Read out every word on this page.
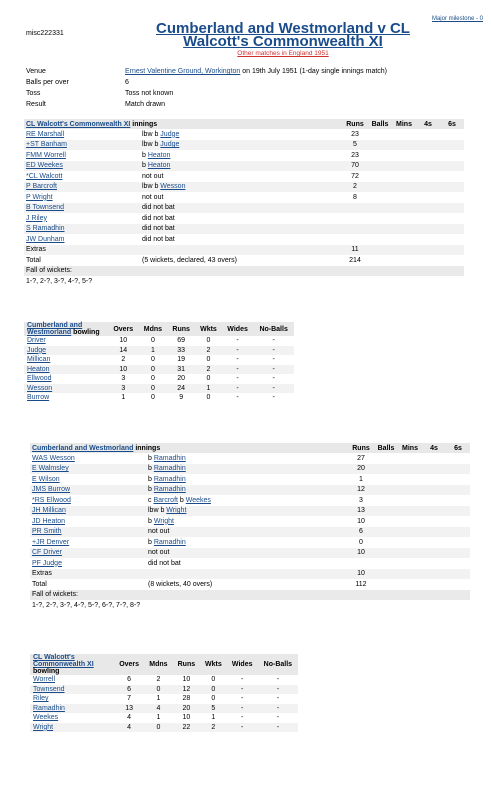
Major milestone - 0
misc222331	Cumberland and Westmorland v CL
Walcott's Commonwealth XI
Other matches in England 1951
Venue	Ernest Valentine Ground, Workington on 19th July 1951 (1-day single innings match)
Balls per over	6
Toss	Toss not known
Result	Match drawn
CL Walcott's Commonwealth XI innings		Runs	Balls	Mins	4s	6s
RE Marshall	lbw b Judge	23				
+ST Banham	lbw b Judge	5				
FMM Worrell	b Heaton	23				
ED Weekes	b Heaton	70				
*CL Walcott	not out	72				
P Barcroft	lbw b Wesson	2				
P Wright	not out	8				
B Townsend	did not bat					
J Riley	did not bat					
S Ramadhin	did not bat					
JW Dunham	did not bat					
Extras		11				
Total	(5 wickets, declared, 43 overs)	214				
Fall of wickets:						
1-?, 2-?, 3-?, 4-?, 5-?						
Cumberland and Westmorland bowling	Overs	Mdns	Runs	Wkts	Wides	No-Balls
Driver	10	0	69	0	-	-
Judge	14	1	33	2	-	-
Millican	2	0	19	0	-	-
Heaton	10	0	31	2	-	-
Ellwood	3	0	20	0	-	-
Wesson	3	0	24	1	-	-
Burrow	1	0	9	0	-	-
Cumberland and Westmorland innings		Runs	Balls	Mins	4s	6s
WAS Wesson	b Ramadhin	27				
E Walmsley	b Ramadhin	20				
E Wilson	b Ramadhin	1				
JMS Burrow	b Ramadhin	12				
*RS Ellwood	c Barcroft b Weekes	3				
JH Millican	lbw b Wright	13				
JD Heaton	b Wright	10				
PR Smith	not out	6				
+JR Denver	b Ramadhin	0				
CF Driver	not out	10				
PF Judge	did not bat					
Extras		10				
Total	(8 wickets, 40 overs)	112				
Fall of wickets:						
1-?, 2-?, 3-?, 4-?, 5-?, 6-?, 7-?, 8-?						
CL Walcott's Commonwealth XI bowling	Overs	Mdns	Runs	Wkts	Wides	No-Balls
Worrell	6	2	10	0	-	-
Townsend	6	0	12	0	-	-
Riley	7	1	28	0	-	-
Ramadhin	13	4	20	5	-	-
Weekes	4	1	10	1	-	-
Wright	4	0	22	2	-	-
